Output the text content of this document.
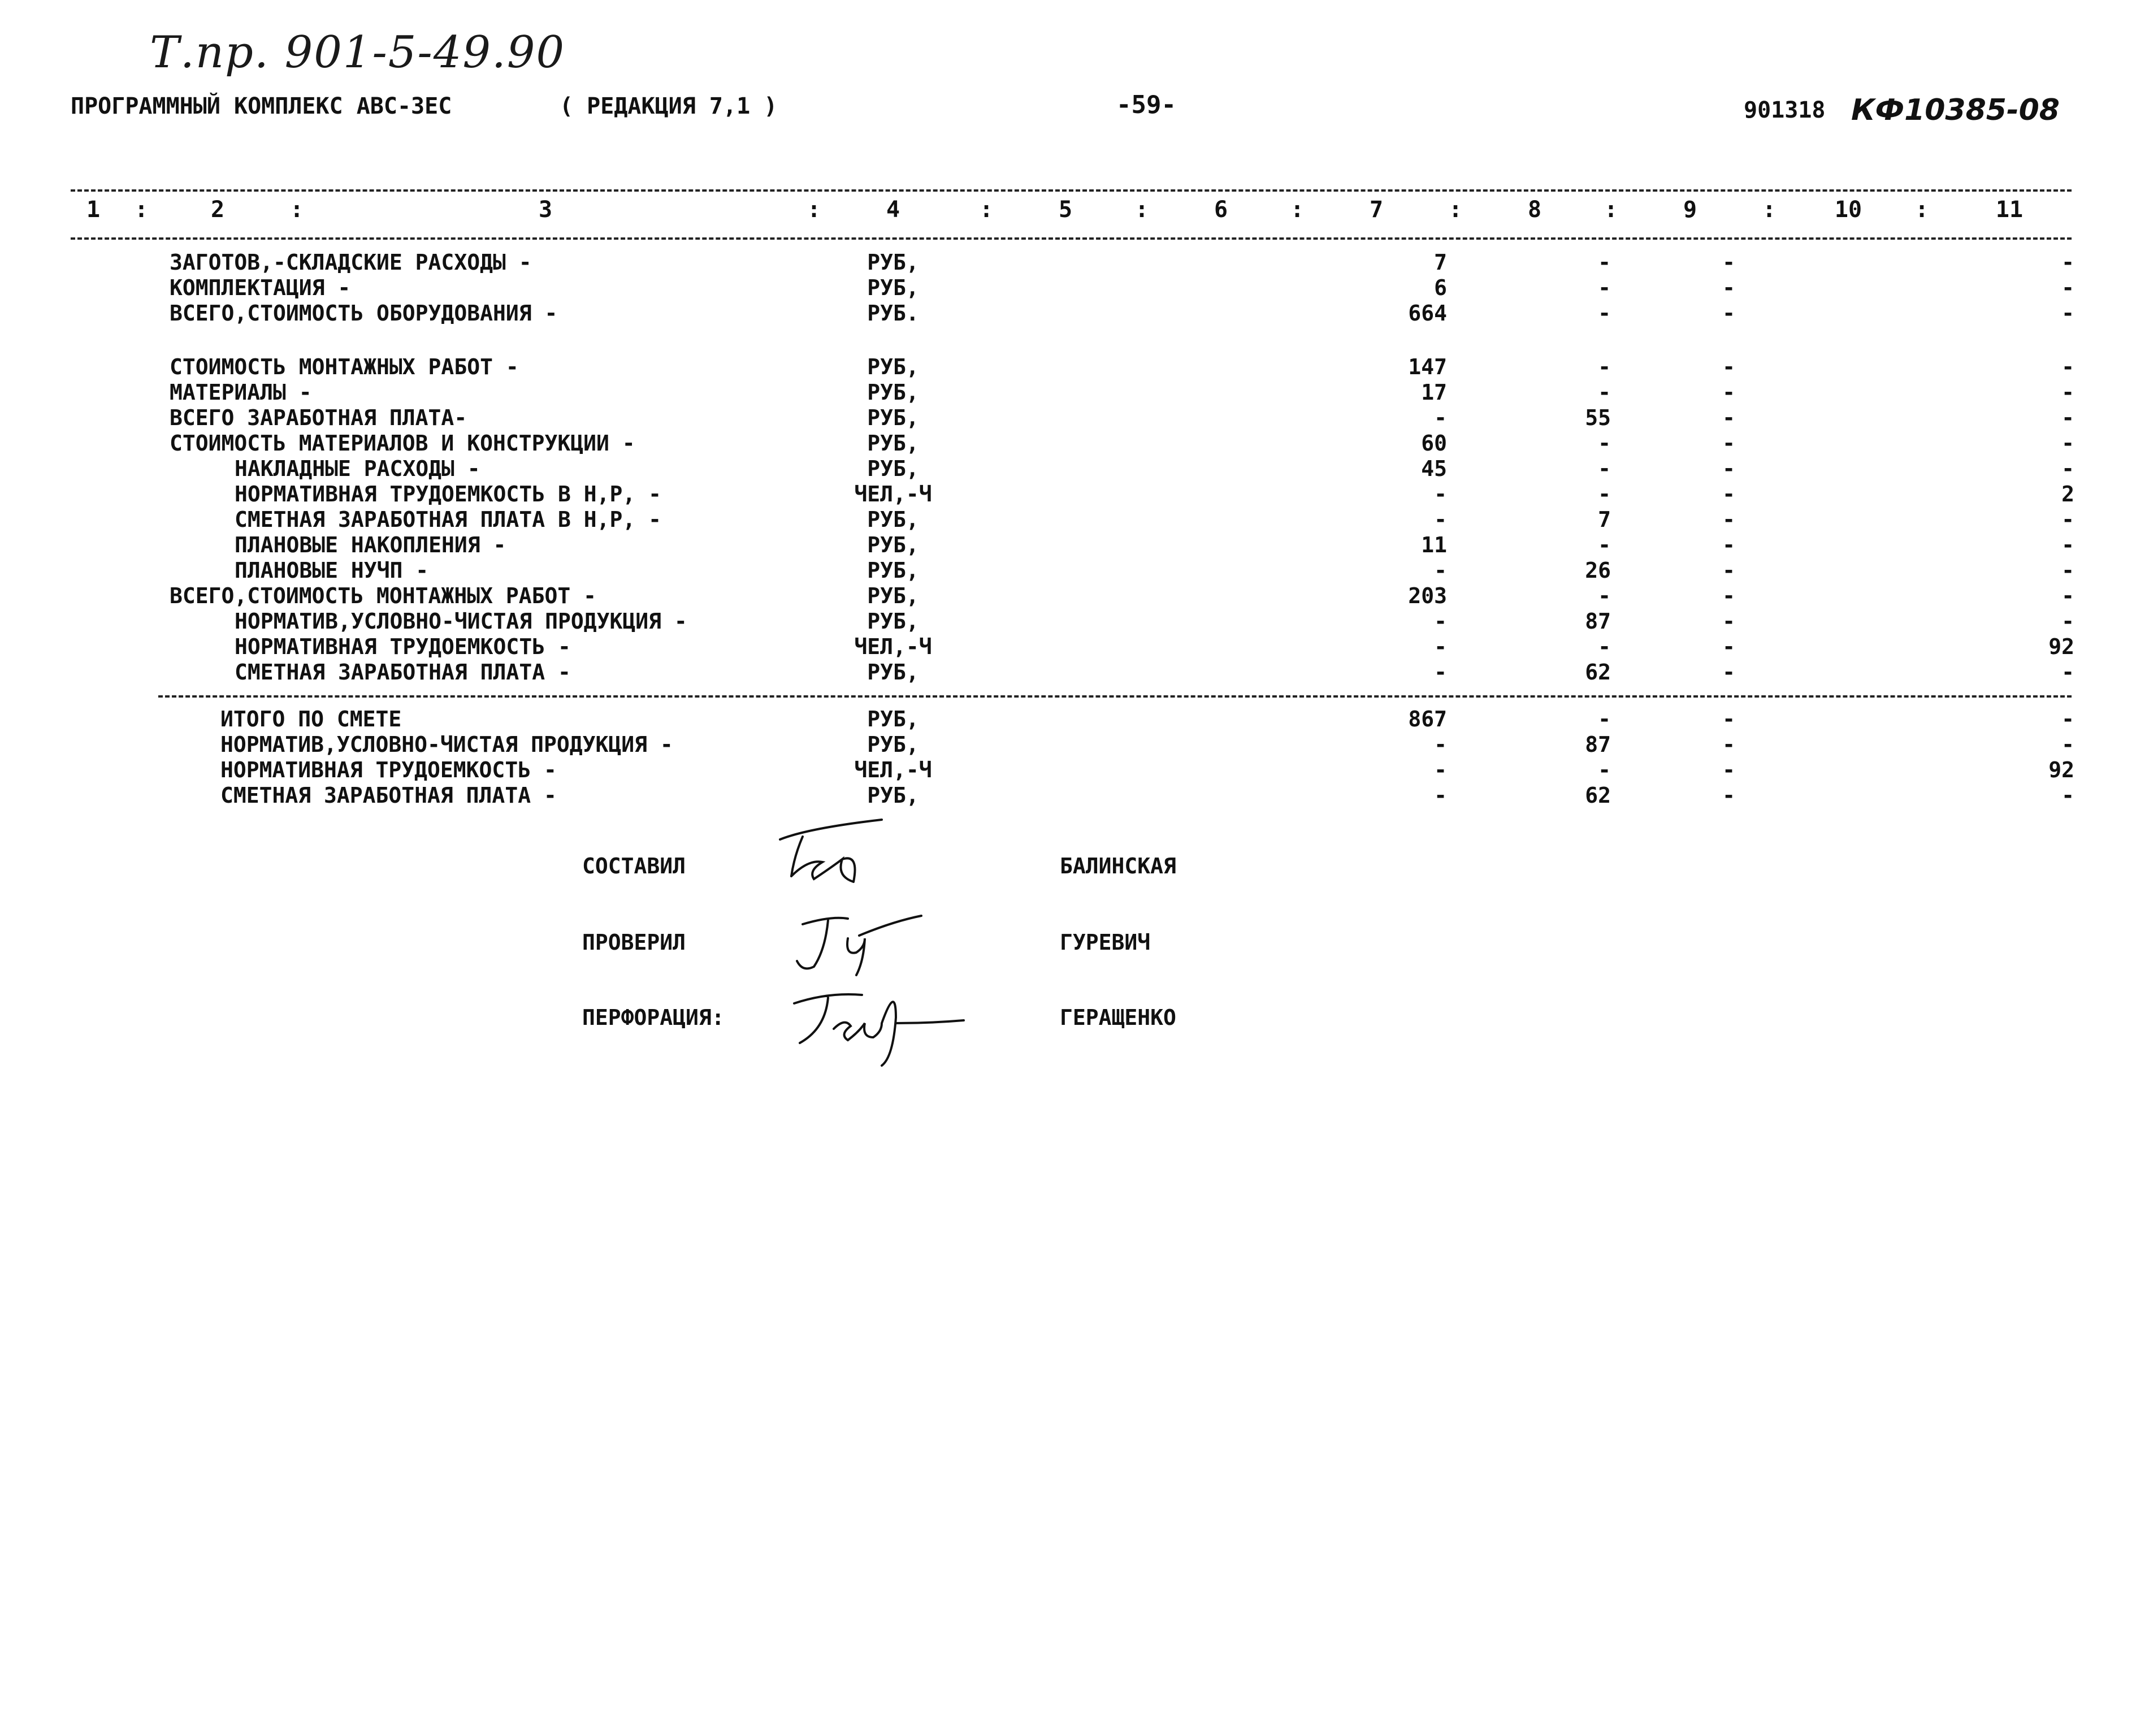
Т.пр. 901-5-49.90
ПРОГРАММНЫЙ КОМПЛЕКС АВС-3ЕС	( РЕДАКЦИЯ 7,1 )	-59-	901318 КФ10385-08
1	2	3	4	5	6	7	8	9	10	11
:	:	:	:	:	:	:	:	:	:
ЗАГОТОВ,-СКЛАДСКИЕ РАСХОДЫ -	РУБ,	7	-	-	-
КОМПЛЕКТАЦИЯ -	РУБ,	6	-	-	-
ВСЕГО,СТОИМОСТЬ ОБОРУДОВАНИЯ -	РУБ.	664	-	-	-
СТОИМОСТЬ МОНТАЖНЫХ РАБОТ -	РУБ,	147	-	-	-
МАТЕРИАЛЫ -	РУБ,	17	-	-	-
ВСЕГО ЗАРАБОТНАЯ ПЛАТА-	РУБ,	-	55	-	-
СТОИМОСТЬ МАТЕРИАЛОВ И КОНСТРУКЦИИ -	РУБ,	60	-	-	-
НАКЛАДНЫЕ РАСХОДЫ -	РУБ,	45	-	-	-
НОРМАТИВНАЯ ТРУДОЕМКОСТЬ В Н,Р, -	ЧЕЛ,-Ч	-	-	-	2
СМЕТНАЯ ЗАРАБОТНАЯ ПЛАТА В Н,Р, -	РУБ,	-	7	-	-
ПЛАНОВЫЕ НАКОПЛЕНИЯ -	РУБ,	11	-	-	-
ПЛАНОВЫЕ НУЧП -	РУБ,	-	26	-	-
ВСЕГО,СТОИМОСТЬ МОНТАЖНЫХ РАБОТ -	РУБ,	203	-	-	-
НОРМАТИВ,УСЛОВНО-ЧИСТАЯ ПРОДУКЦИЯ -	РУБ,	-	87	-	-
НОРМАТИВНАЯ ТРУДОЕМКОСТЬ -	ЧЕЛ,-Ч	-	-	-	92
СМЕТНАЯ ЗАРАБОТНАЯ ПЛАТА -	РУБ,	-	62	-	-
ИТОГО ПО СМЕТЕ	РУБ,	867	-	-	-
НОРМАТИВ,УСЛОВНО-ЧИСТАЯ ПРОДУКЦИЯ -	РУБ,	-	87	-	-
НОРМАТИВНАЯ ТРУДОЕМКОСТЬ -	ЧЕЛ,-Ч	-	-	-	92
СМЕТНАЯ ЗАРАБОТНАЯ ПЛАТА -	РУБ,	-	62	-	-
СОСТАВИЛ	БАЛИНСКАЯ
ПРОВЕРИЛ	ГУРЕВИЧ
ПЕРФОРАЦИЯ:	ГЕРАЩЕНКО
